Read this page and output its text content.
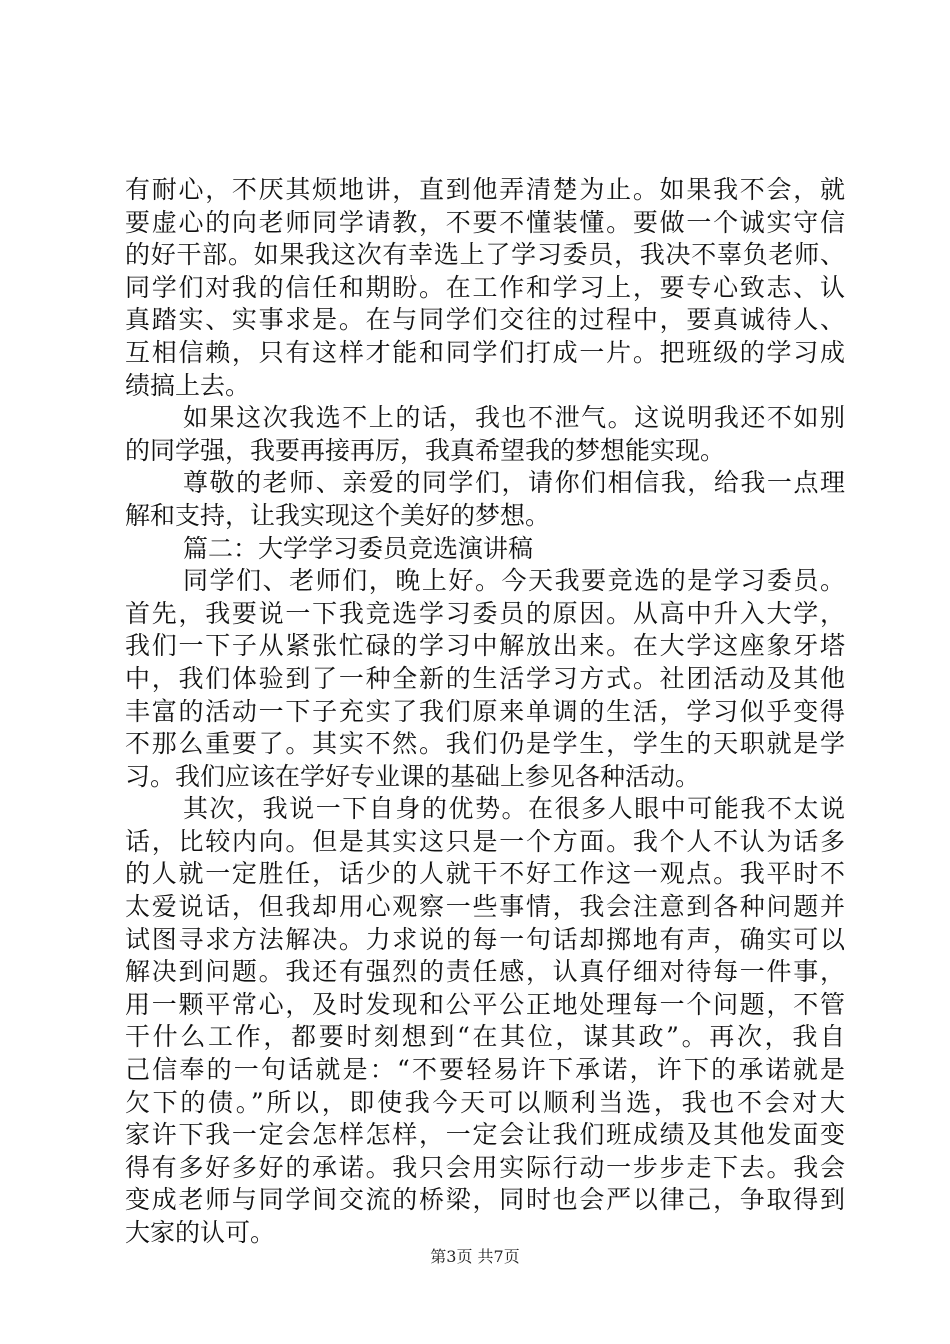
有耐心，不厌其烦地讲，直到他弄清楚为止。如果我不会，就
要虚心的向老师同学请教，不要不懂装懂。要做一个诚实守信
的好干部。如果我这次有幸选上了学习委员，我决不辜负老师、
同学们对我的信任和期盼。在工作和学习上，要专心致志、认
真踏实、实事求是。在与同学们交往的过程中，要真诚待人、
互相信赖，只有这样才能和同学们打成一片。把班级的学习成
绩搞上去。
如果这次我选不上的话，我也不泄气。这说明我还不如别
的同学强，我要再接再厉，我真希望我的梦想能实现。
尊敬的老师、亲爱的同学们，请你们相信我，给我一点理
解和支持，让我实现这个美好的梦想。
篇二：大学学习委员竞选演讲稿
同学们、老师们，晚上好。今天我要竞选的是学习委员。
首先，我要说一下我竞选学习委员的原因。从高中升入大学，
我们一下子从紧张忙碌的学习中解放出来。在大学这座象牙塔
中，我们体验到了一种全新的生活学习方式。社团活动及其他
丰富的活动一下子充实了我们原来单调的生活，学习似乎变得
不那么重要了。其实不然。我们仍是学生，学生的天职就是学
习。我们应该在学好专业课的基础上参见各种活动。
其次，我说一下自身的优势。在很多人眼中可能我不太说
话，比较内向。但是其实这只是一个方面。我个人不认为话多
的人就一定胜任，话少的人就干不好工作这一观点。我平时不
太爱说话，但我却用心观察一些事情，我会注意到各种问题并
试图寻求方法解决。力求说的每一句话却掷地有声，确实可以
解决到问题。我还有强烈的责任感，认真仔细对待每一件事，
用一颗平常心，及时发现和公平公正地处理每一个问题，不管
干什么工作，都要时刻想到“在其位，谋其政”。再次，我自
己信奉的一句话就是：“不要轻易许下承诺，许下的承诺就是
欠下的债。”所以，即使我今天可以顺利当选，我也不会对大
家许下我一定会怎样怎样，一定会让我们班成绩及其他发面变
得有多好多好的承诺。我只会用实际行动一步步走下去。我会
变成老师与同学间交流的桥梁，同时也会严以律己，争取得到
大家的认可。
第3页 共7页
